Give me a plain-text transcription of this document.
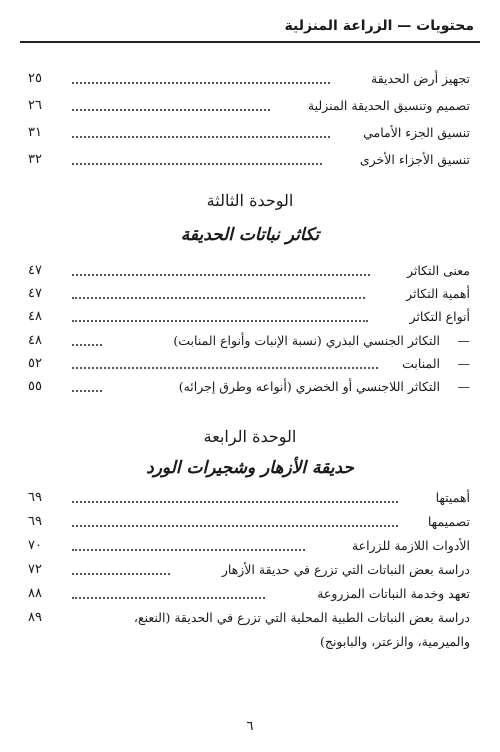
محتويات — الزراعة المنزلية
تجهيز أرض الحديقة
٢٥
تصميم وتنسيق الحديقة المنزلية
٢٦
تنسيق الجزء الأمامي
٣١
تنسيق الأجزاء الأخرى
٣٢
الوحدة الثالثة
تكاثر نباتات الحديقة
معنى التكاثر
٤٧
أهمية التكاثر
٤٧
أنواع التكاثر
٤٨
—
التكاثر الجنسي البذري (نسبة الإنبات وأنواع المنابت)
٤٨
—
المنابت
٥٢
—
التكاثر اللاجنسي أو الخضري (أنواعه وطرق إجرائه)
٥٥
الوحدة الرابعة
حديقة الأزهار وشجيرات الورد
أهميتها
٦٩
تصميمها
٦٩
الأدوات اللازمة للزراعة
٧٠
دراسة بعض النباتات التي تزرع في حديقة الأزهار
٧٢
تعهد وخدمة النباتات المزروعة
٨٨
دراسة بعض النباتات الطبية المحلية التي تزرع في الحديقة (النعنع،
٨٩
والميرمية، والزعتر، والبابونج)
٦
